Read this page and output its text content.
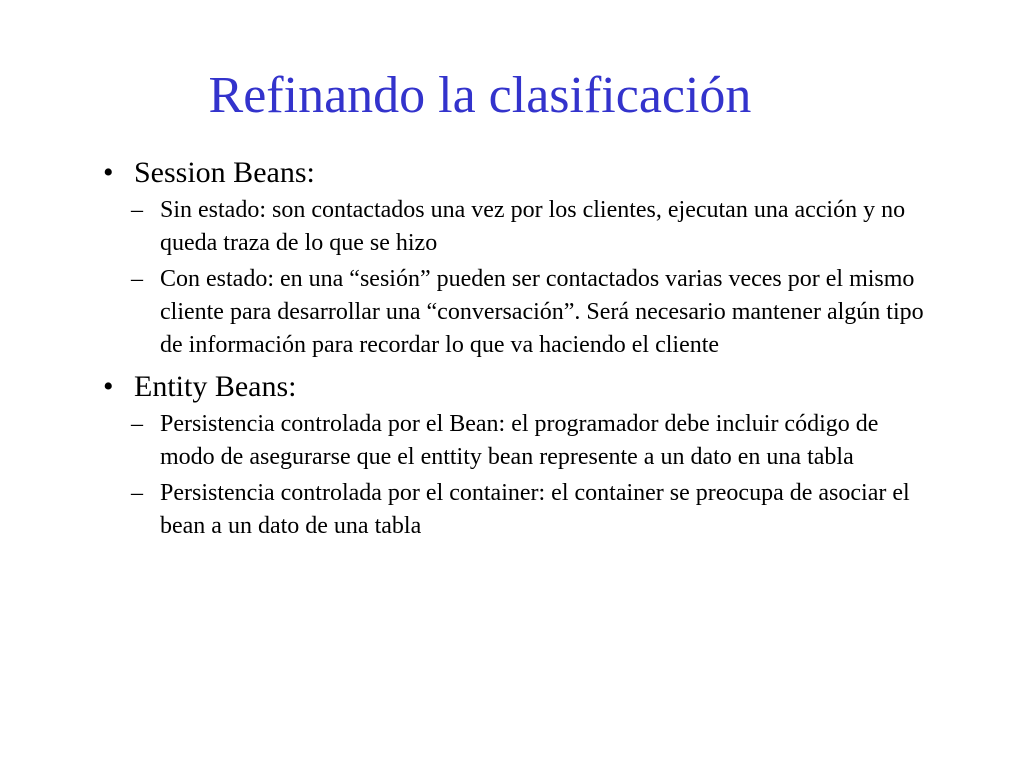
Refinando la clasificación
• Session Beans:
– Sin estado: son contactados una vez por los clientes, ejecutan una acción y no queda traza de lo que se hizo
– Con estado: en una “sesión” pueden ser contactados varias veces por el mismo cliente para desarrollar una “conversación”. Será necesario mantener algún tipo de información para recordar lo que va haciendo el cliente
• Entity Beans:
– Persistencia controlada por el Bean: el programador debe incluir código de modo de asegurarse que el enttity bean represente a un dato en una tabla
– Persistencia controlada por el container: el container se preocupa de asociar el bean a un dato de una tabla
